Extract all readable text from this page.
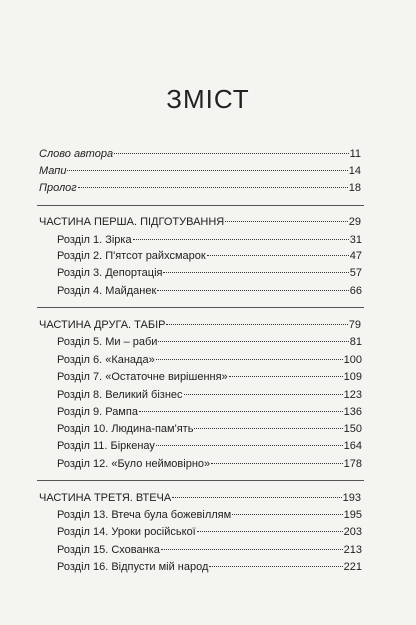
ЗМІСТ
Слово автора	11
Мапи	14
Пролог	18
ЧАСТИНА ПЕРША. ПІДГОТУВАННЯ	29
Розділ 1. Зірка	31
Розділ 2. П'ятсот райхсмарок	47
Розділ 3. Депортація	57
Розділ 4. Майданек	66
ЧАСТИНА ДРУГА. ТАБІР	79
Розділ 5. Ми – раби	81
Розділ 6. «Канада»	100
Розділ 7. «Остаточне вирішення»	109
Розділ 8. Великий бізнес	123
Розділ 9. Рампа	136
Розділ 10. Людина-пам'ять	150
Розділ 11. Біркенау	164
Розділ 12. «Було неймовірно»	178
ЧАСТИНА ТРЕТЯ. ВТЕЧА	193
Розділ 13. Втеча була божевіллям	195
Розділ 14. Уроки російської	203
Розділ 15. Схованка	213
Розділ 16. Відпусти мій народ	221
